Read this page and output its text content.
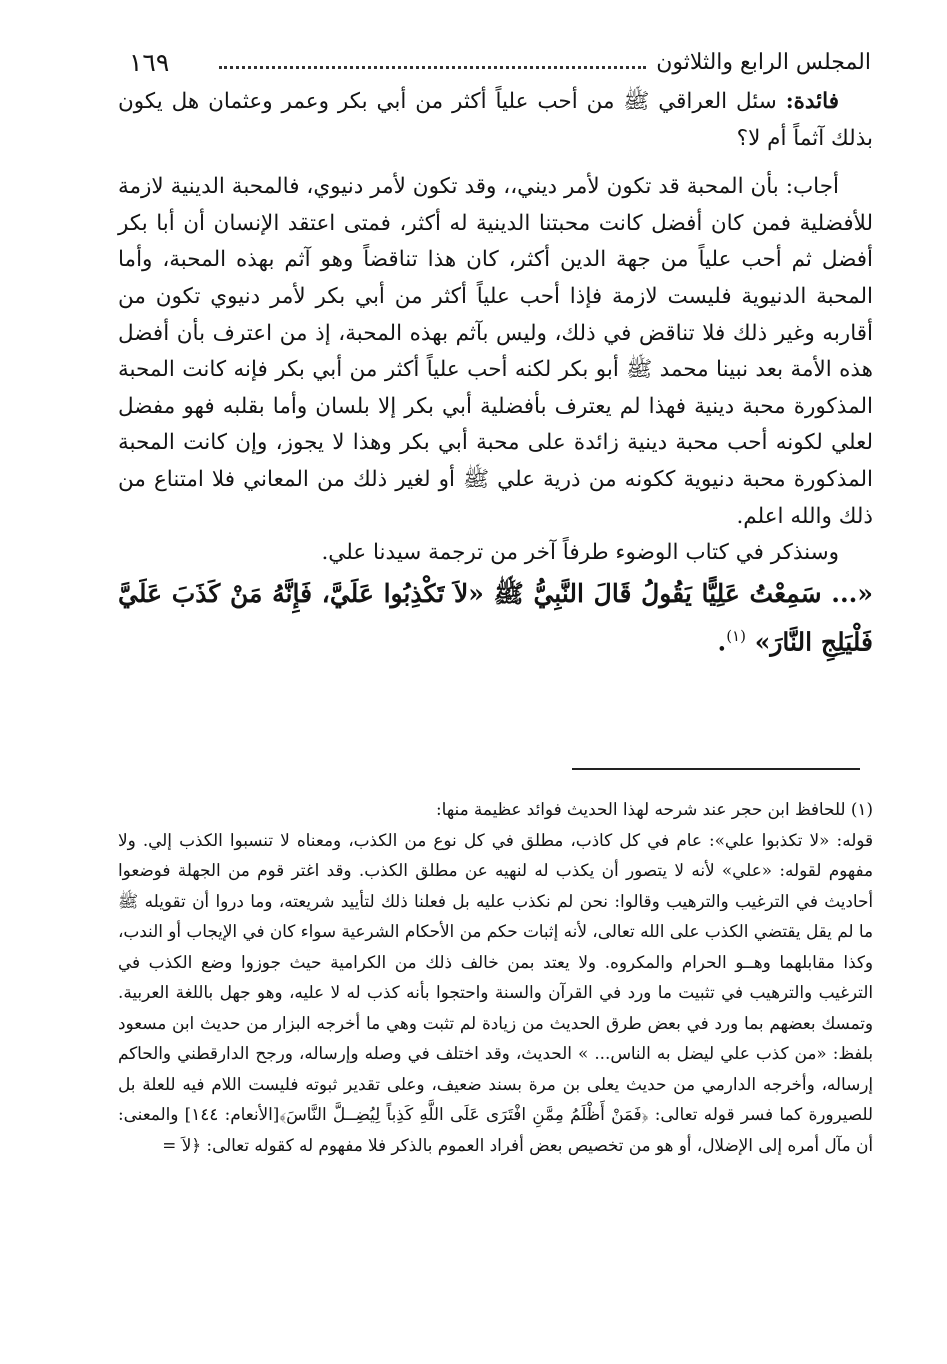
١٦٩	المجلس الرابع والثلاثون

فائدة: سئل العراقي ﷺ من أحب علياً أكثر من أبي بكر وعمر وعثمان هل يكون بذلك آثماً أم لا؟

أجاب: بأن المحبة قد تكون لأمر ديني،، وقد تكون لأمر دنيوي، فالمحبة الدينية لازمة للأفضلية فمن كان أفضل كانت محبتنا الدينية له أكثر، فمتى اعتقد الإنسان أن أبا بكر أفضل ثم أحب علياً من جهة الدين أكثر، كان هذا تناقضاً وهو آثم بهذه المحبة، وأما المحبة الدنيوية فليست لازمة فإذا أحب علياً أكثر من أبي بكر لأمر دنيوي تكون من أقاربه وغير ذلك فلا تناقض في ذلك، وليس بآثم بهذه المحبة، إذ من اعترف بأن أفضل هذه الأمة بعد نبينا محمد ﷺ أبو بكر لكنه أحب علياً أكثر من أبي بكر فإنه كانت المحبة المذكورة محبة دينية فهذا لم يعترف بأفضلية أبي بكر إلا بلسان وأما بقلبه فهو مفضل لعلي لكونه أحب محبة دينية زائدة على محبة أبي بكر وهذا لا يجوز، وإن كانت المحبة المذكورة محبة دنيوية ككونه من ذرية علي ﷺ أو لغير ذلك من المعاني فلا امتناع من ذلك والله اعلم.

وسنذكر في كتاب الوضوء طرفاً آخر من ترجمة سيدنا علي.

«... سَمِعْتُ عَلِيًّا يَقُولُ قَالَ النَّبِيُّ ﷺ «لاَ تَكْذِبُوا عَلَيَّ، فَإِنَّهُ مَنْ كَذَبَ عَلَيَّ فَلْيَلِجِ النَّارَ» $^{(١)}$.

(١) للحافظ ابن حجر عند شرحه لهذا الحديث فوائد عظيمة منها:

قوله: «لا تكذبوا علي»: عام في كل كاذب، مطلق في كل نوع من الكذب، ومعناه لا تنسبوا الكذب إلي. ولا مفهوم لقوله: «علي» لأنه لا يتصور أن يكذب له لنهيه عن مطلق الكذب. وقد اغتر قوم من الجهلة فوضعوا أحاديث في الترغيب والترهيب وقالوا: نحن لم نكذب عليه بل فعلنا ذلك لتأييد شريعته، وما دروا أن تقويله ﷺ ما لم يقل يقتضي الكذب على الله تعالى، لأنه إثبات حكم من الأحكام الشرعية سواء كان في الإيجاب أو الندب، وكذا مقابلهما وهــو الحرام والمكروه. ولا يعتد بمن خالف ذلك من الكرامية حيث جوزوا وضع الكذب في الترغيب والترهيب في تثبيت ما ورد في القرآن والسنة واحتجوا بأنه كذب له لا عليه، وهو جهل باللغة العربية. وتمسك بعضهم بما ورد في بعض طرق الحديث من زيادة لم تثبت وهي ما أخرجه البزار من حديث ابن مسعود بلفظ: «من كذب علي ليضل به الناس... » الحديث، وقد اختلف في وصله وإرساله، ورجح الدارقطني والحاكم إرساله، وأخرجه الدارمي من حديث يعلى بن مرة بسند ضعيف، وعلى تقدير ثبوته فليست اللام فيه للعلة بل للصيرورة كما فسر قوله تعالى: ﴿فَمَنْ أَظْلَمُ مِمَّنِ افْتَرَى عَلَى اللَّهِ كَذِباً لِيُضِــلَّ النَّاسَ﴾[الأنعام: ١٤٤] والمعنى: أن مآل أمره إلى الإضلال، أو هو من تخصيص بعض أفراد العموم بالذكر فلا مفهوم له كقوله تعالى: ﴿لاَ =
